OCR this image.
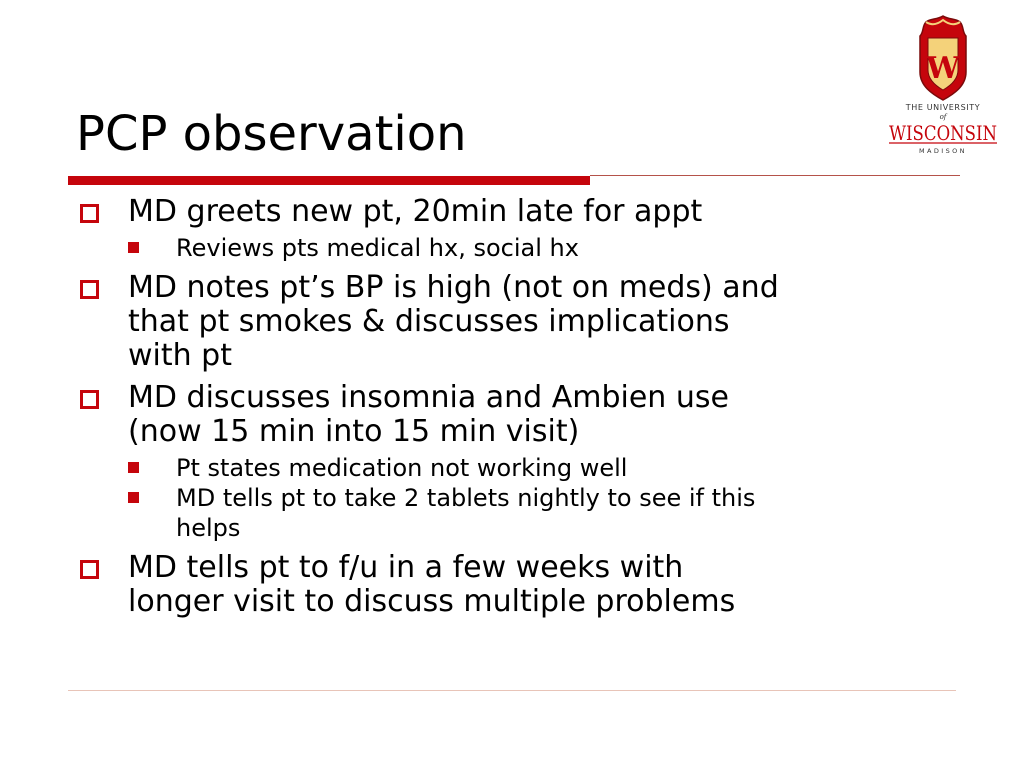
W
THE UNIVERSITY
of
WISCONSIN
MADISON
PCP observation
MD greets new pt, 20min late for appt
Reviews pts medical hx, social hx
MD notes pt’s BP is high (not on meds) and
that pt smokes & discusses implications
with pt
MD discusses insomnia and Ambien use
(now 15 min into 15 min visit)
Pt states medication not working well
MD tells pt to take 2 tablets nightly to see if this
helps
MD tells pt to f/u in a few weeks with
longer visit to discuss multiple problems
